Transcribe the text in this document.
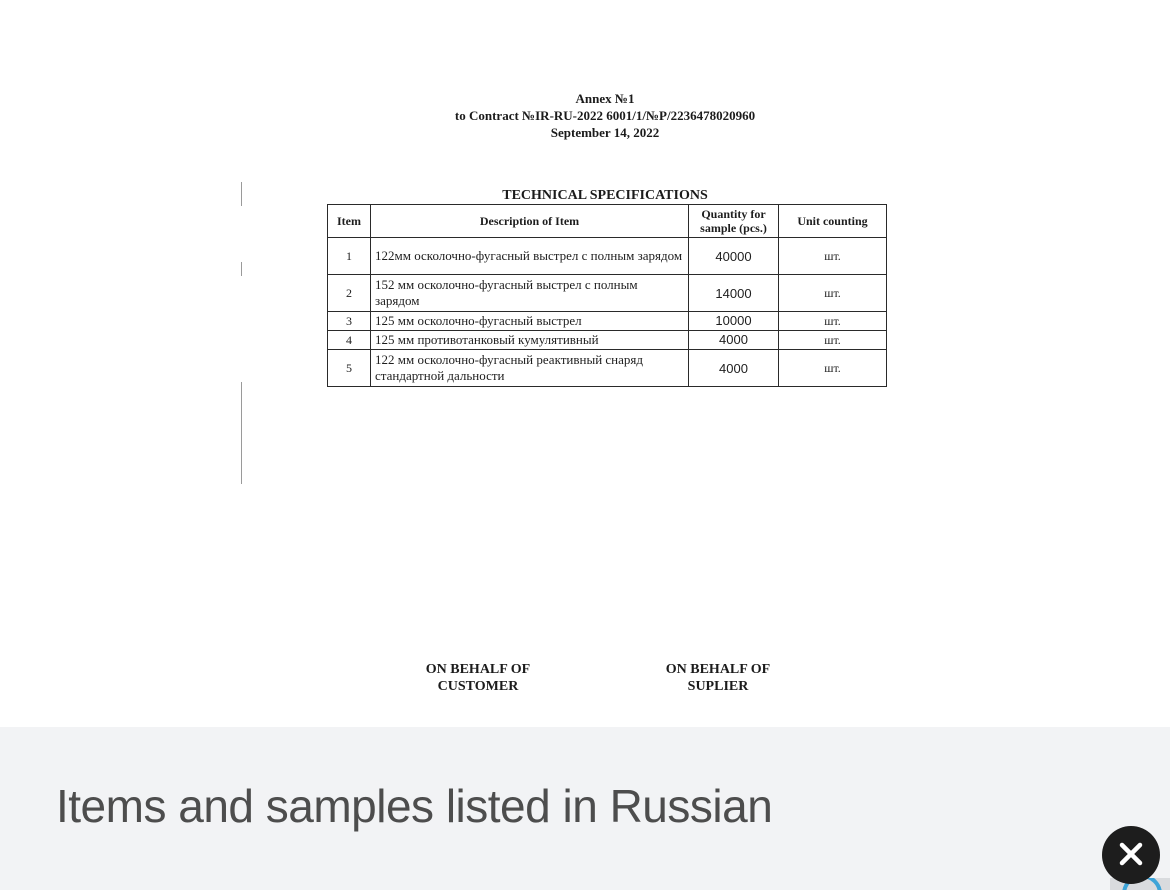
Annex №1
to Contract №IR-RU-2022 6001/1/№P/2236478020960
September 14, 2022
TECHNICAL SPECIFICATIONS
Item	Description of Item	Quantity for sample (pcs.)	Unit counting
1	122мм осколочно-фугасный выстрел с полным зарядом	40000	шт.
2	152 мм осколочно-фугасный выстрел с полным зарядом	14000	шт.
3	125 мм осколочно-фугасный выстрел	10000	шт.
4	125 мм противотанковый кумулятивный	4000	шт.
5	122 мм осколочно-фугасный реактивный снаряд стандартной дальности	4000	шт.
ON BEHALF OF CUSTOMER
ON BEHALF OF SUPLIER
Items and samples listed in Russian
